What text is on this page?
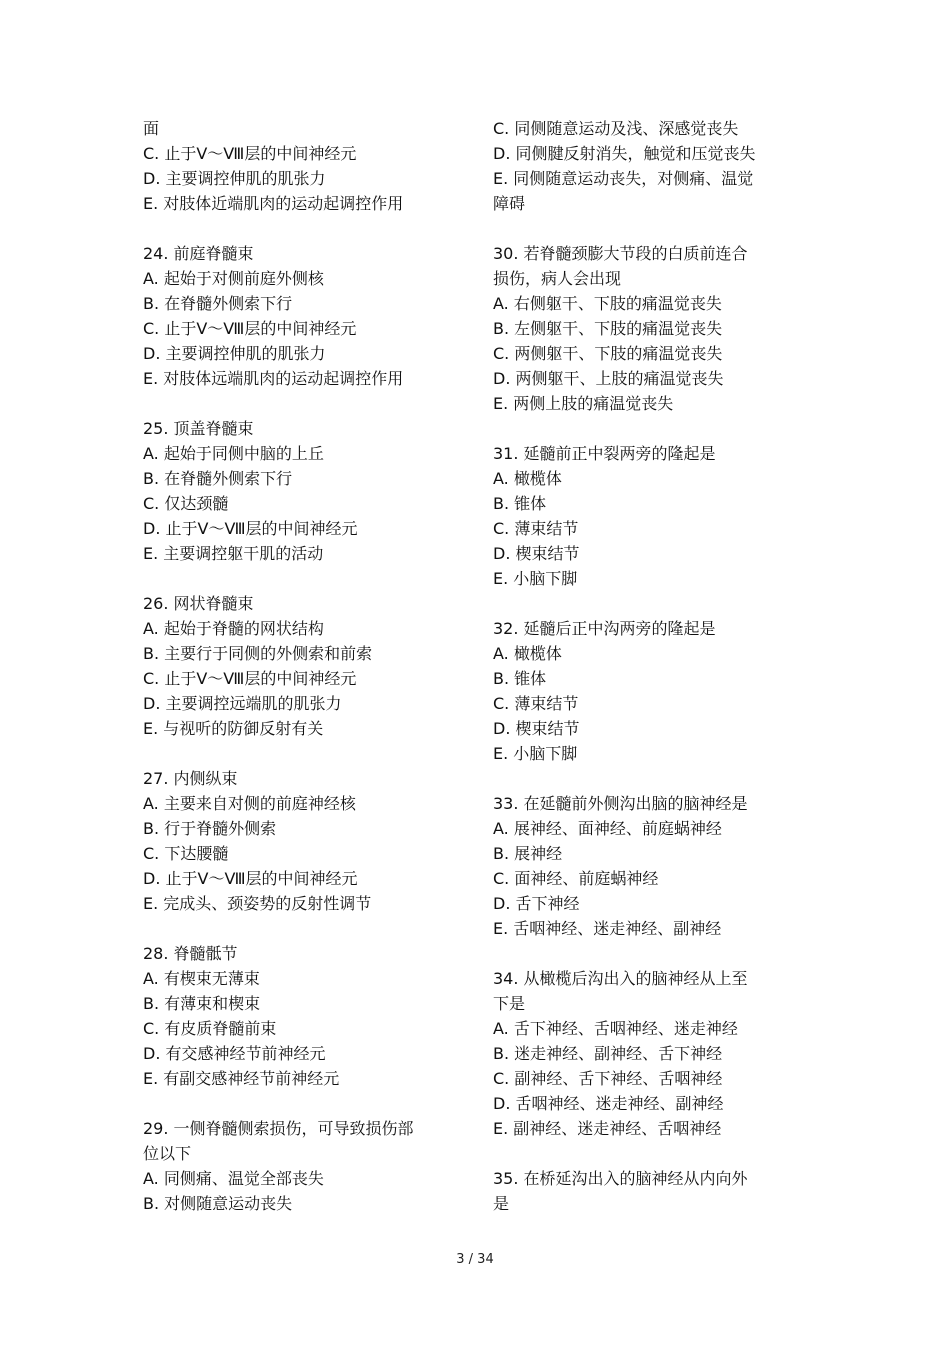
面
C. 止于Ⅴ～Ⅷ层的中间神经元
D. 主要调控伸肌的肌张力
E. 对肢体近端肌肉的运动起调控作用
24. 前庭脊髓束
A. 起始于对侧前庭外侧核
B. 在脊髓外侧索下行
C. 止于Ⅴ～Ⅷ层的中间神经元
D. 主要调控伸肌的肌张力
E. 对肢体远端肌肉的运动起调控作用
25. 顶盖脊髓束
A. 起始于同侧中脑的上丘
B. 在脊髓外侧索下行
C. 仅达颈髓
D. 止于Ⅴ～Ⅷ层的中间神经元
E. 主要调控躯干肌的活动
26. 网状脊髓束
A. 起始于脊髓的网状结构
B. 主要行于同侧的外侧索和前索
C. 止于Ⅴ～Ⅷ层的中间神经元
D. 主要调控远端肌的肌张力
E. 与视听的防御反射有关
27. 内侧纵束
A. 主要来自对侧的前庭神经核
B. 行于脊髓外侧索
C. 下达腰髓
D. 止于Ⅴ～Ⅷ层的中间神经元
E. 完成头、颈姿势的反射性调节
28. 脊髓骶节
A. 有楔束无薄束
B. 有薄束和楔束
C. 有皮质脊髓前束
D. 有交感神经节前神经元
E. 有副交感神经节前神经元
29. 一侧脊髓侧索损伤，可导致损伤部
位以下
A. 同侧痛、温觉全部丧失
B. 对侧随意运动丧失
C. 同侧随意运动及浅、深感觉丧失
D. 同侧腱反射消失，触觉和压觉丧失
E. 同侧随意运动丧失，对侧痛、温觉
障碍
30. 若脊髓颈膨大节段的白质前连合
损伤，病人会出现
A. 右侧躯干、下肢的痛温觉丧失
B. 左侧躯干、下肢的痛温觉丧失
C. 两侧躯干、下肢的痛温觉丧失
D. 两侧躯干、上肢的痛温觉丧失
E. 两侧上肢的痛温觉丧失
31. 延髓前正中裂两旁的隆起是
A. 橄榄体
B. 锥体
C. 薄束结节
D. 楔束结节
E. 小脑下脚
32. 延髓后正中沟两旁的隆起是
A. 橄榄体
B. 锥体
C. 薄束结节
D. 楔束结节
E. 小脑下脚
33. 在延髓前外侧沟出脑的脑神经是
A. 展神经、面神经、前庭蜗神经
B. 展神经
C. 面神经、前庭蜗神经
D. 舌下神经
E. 舌咽神经、迷走神经、副神经
34. 从橄榄后沟出入的脑神经从上至
下是
A. 舌下神经、舌咽神经、迷走神经
B. 迷走神经、副神经、舌下神经
C. 副神经、舌下神经、舌咽神经
D. 舌咽神经、迷走神经、副神经
E. 副神经、迷走神经、舌咽神经
35. 在桥延沟出入的脑神经从内向外
是
3 / 34
